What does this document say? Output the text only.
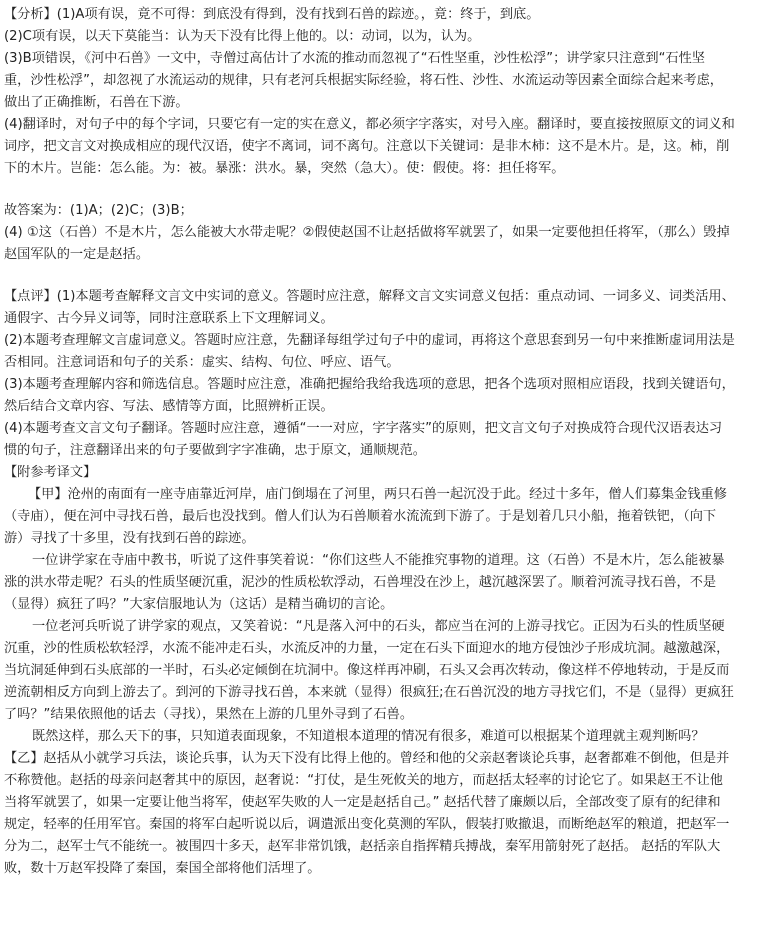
【分析】(1)A项有误，竟不可得：到底没有得到，没有找到石兽的踪迹。，竟：终于，到底。
(2)C项有误，以天下莫能当：认为天下没有比得上他的。以：动词，以为，认为。
(3)B项错误，《河中石兽》一文中，寺僧过高估计了水流的推动而忽视了“石性坚重，沙性松浮”；讲学家只注意到“石性坚
重，沙性松浮”，却忽视了水流运动的规律，只有老河兵根据实际经验，将石性、沙性、水流运动等因素全面综合起来考虑，
做出了正确推断，石兽在下游。
(4)翻译时，对句子中的每个字词，只要它有一定的实在意义，都必须字字落实，对号入座。翻译时，要直接按照原文的词义和
词序，把文言文对换成相应的现代汉语，使字不离词，词不离句。注意以下关键词：是非木柿：这不是木片。是，这。柿，削
下的木片。岂能：怎么能。为：被。暴涨：洪水。暴，突然（急大）。使：假使。将：担任将军。
故答案为：(1)A；(2)C；(3)B；
(4) ①这（石兽）不是木片，怎么能被大水带走呢？②假使赵国不让赵括做将军就罢了，如果一定要他担任将军，（那么）毁掉
赵国军队的一定是赵括。
【点评】(1)本题考查解释文言文中实词的意义。答题时应注意，解释文言文实词意义包括：重点动词、一词多义、词类活用、
通假字、古今异义词等，同时注意联系上下文理解词义。
(2)本题考查理解文言虚词意义。答题时应注意，先翻译每组学过句子中的虚词，再将这个意思套到另一句中来推断虚词用法是
否相同。注意词语和句子的关系：虚实、结构、句位、呼应、语气。
(3)本题考查理解内容和筛选信息。答题时应注意，准确把握给我给我选项的意思，把各个选项对照相应语段，找到关键语句，
然后结合文章内容、写法、感情等方面，比照辨析正误。
(4)本题考查文言文句子翻译。答题时应注意，遵循“一一对应，字字落实”的原则，把文言文句子对换成符合现代汉语表达习
惯的句子，注意翻译出来的句子要做到字字准确，忠于原文，通顺规范。
【附参考译文】
【甲】沧州的南面有一座寺庙靠近河岸，庙门倒塌在了河里，两只石兽一起沉没于此。经过十多年，僧人们募集金钱重修
（寺庙），便在河中寻找石兽，最后也没找到。僧人们认为石兽顺着水流流到下游了。于是划着几只小船，拖着铁钯，（向下
游）寻找了十多里，没有找到石兽的踪迹。
一位讲学家在寺庙中教书，听说了这件事笑着说：“你们这些人不能推究事物的道理。这（石兽）不是木片，怎么能被暴
涨的洪水带走呢？石头的性质坚硬沉重，泥沙的性质松软浮动，石兽埋没在沙上，越沉越深罢了。顺着河流寻找石兽，不是
（显得）疯狂了吗？”大家信服地认为（这话）是精当确切的言论。
一位老河兵听说了讲学家的观点，又笑着说：“凡是落入河中的石头，都应当在河的上游寻找它。正因为石头的性质坚硬
沉重，沙的性质松软轻浮，水流不能冲走石头，水流反冲的力量，一定在石头下面迎水的地方侵蚀沙子形成坑洞。越激越深，
当坑洞延伸到石头底部的一半时，石头必定倾倒在坑洞中。像这样再冲刷，石头又会再次转动，像这样不停地转动，于是反而
逆流朝相反方向到上游去了。到河的下游寻找石兽，本来就（显得）很疯狂;在石兽沉没的地方寻找它们，不是（显得）更疯狂
了吗？”结果依照他的话去（寻找），果然在上游的几里外寻到了石兽。
既然这样，那么天下的事，只知道表面现象，不知道根本道理的情况有很多，难道可以根据某个道理就主观判断吗？
【乙】赵括从小就学习兵法，谈论兵事，认为天下没有比得上他的。曾经和他的父亲赵奢谈论兵事，赵奢都难不倒他，但是并
不称赞他。赵括的母亲问赵奢其中的原因，赵奢说：“打仗，是生死攸关的地方，而赵括太轻率的讨论它了。如果赵王不让他
当将军就罢了，如果一定要让他当将军，使赵军失败的人一定是赵括自己。” 赵括代替了廉颇以后，全部改变了原有的纪律和
规定，轻率的任用军官。秦国的将军白起听说以后，调遣派出变化莫测的军队，假装打败撤退，而断绝赵军的粮道，把赵军一
分为二，赵军士气不能统一。被围四十多天，赵军非常饥饿，赵括亲自指挥精兵搏战，秦军用箭射死了赵括。 赵括的军队大
败，数十万赵军投降了秦国，秦国全部将他们活埋了。
